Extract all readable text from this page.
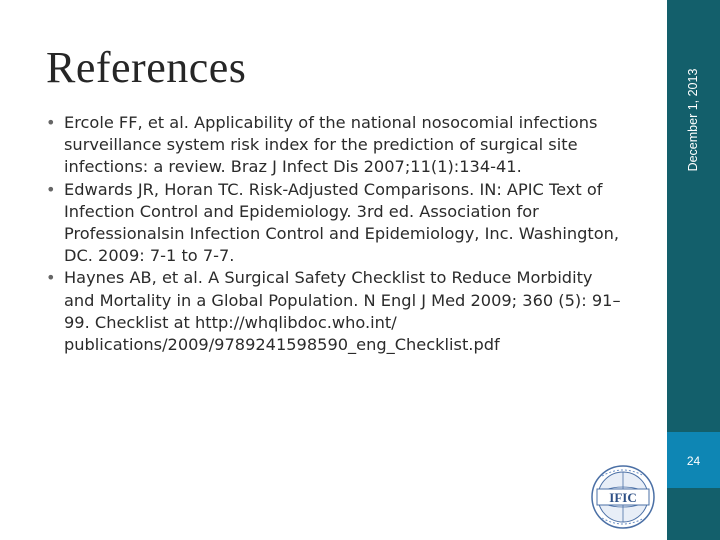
References
• Ercole FF, et al. Applicability of the national nosocomial infections surveillance system risk index for the prediction of surgical site infections: a review. Braz J Infect Dis 2007;11(1):134-41.
• Edwards JR, Horan TC. Risk-Adjusted Comparisons. IN: APIC Text of Infection Control and Epidemiology. 3rd ed. Association for Professionalsin Infection Control and Epidemiology, Inc. Washington, DC. 2009: 7-1 to 7-7.
• Haynes AB, et al. A Surgical Safety Checklist to Reduce Morbidity and Mortality in a Global Population. N Engl J Med 2009; 360 (5): 91–99. Checklist at http://whqlibdoc.who.int/ publications/2009/9789241598590_eng_Checklist.pdf
December 1, 2013
24
IFIC
